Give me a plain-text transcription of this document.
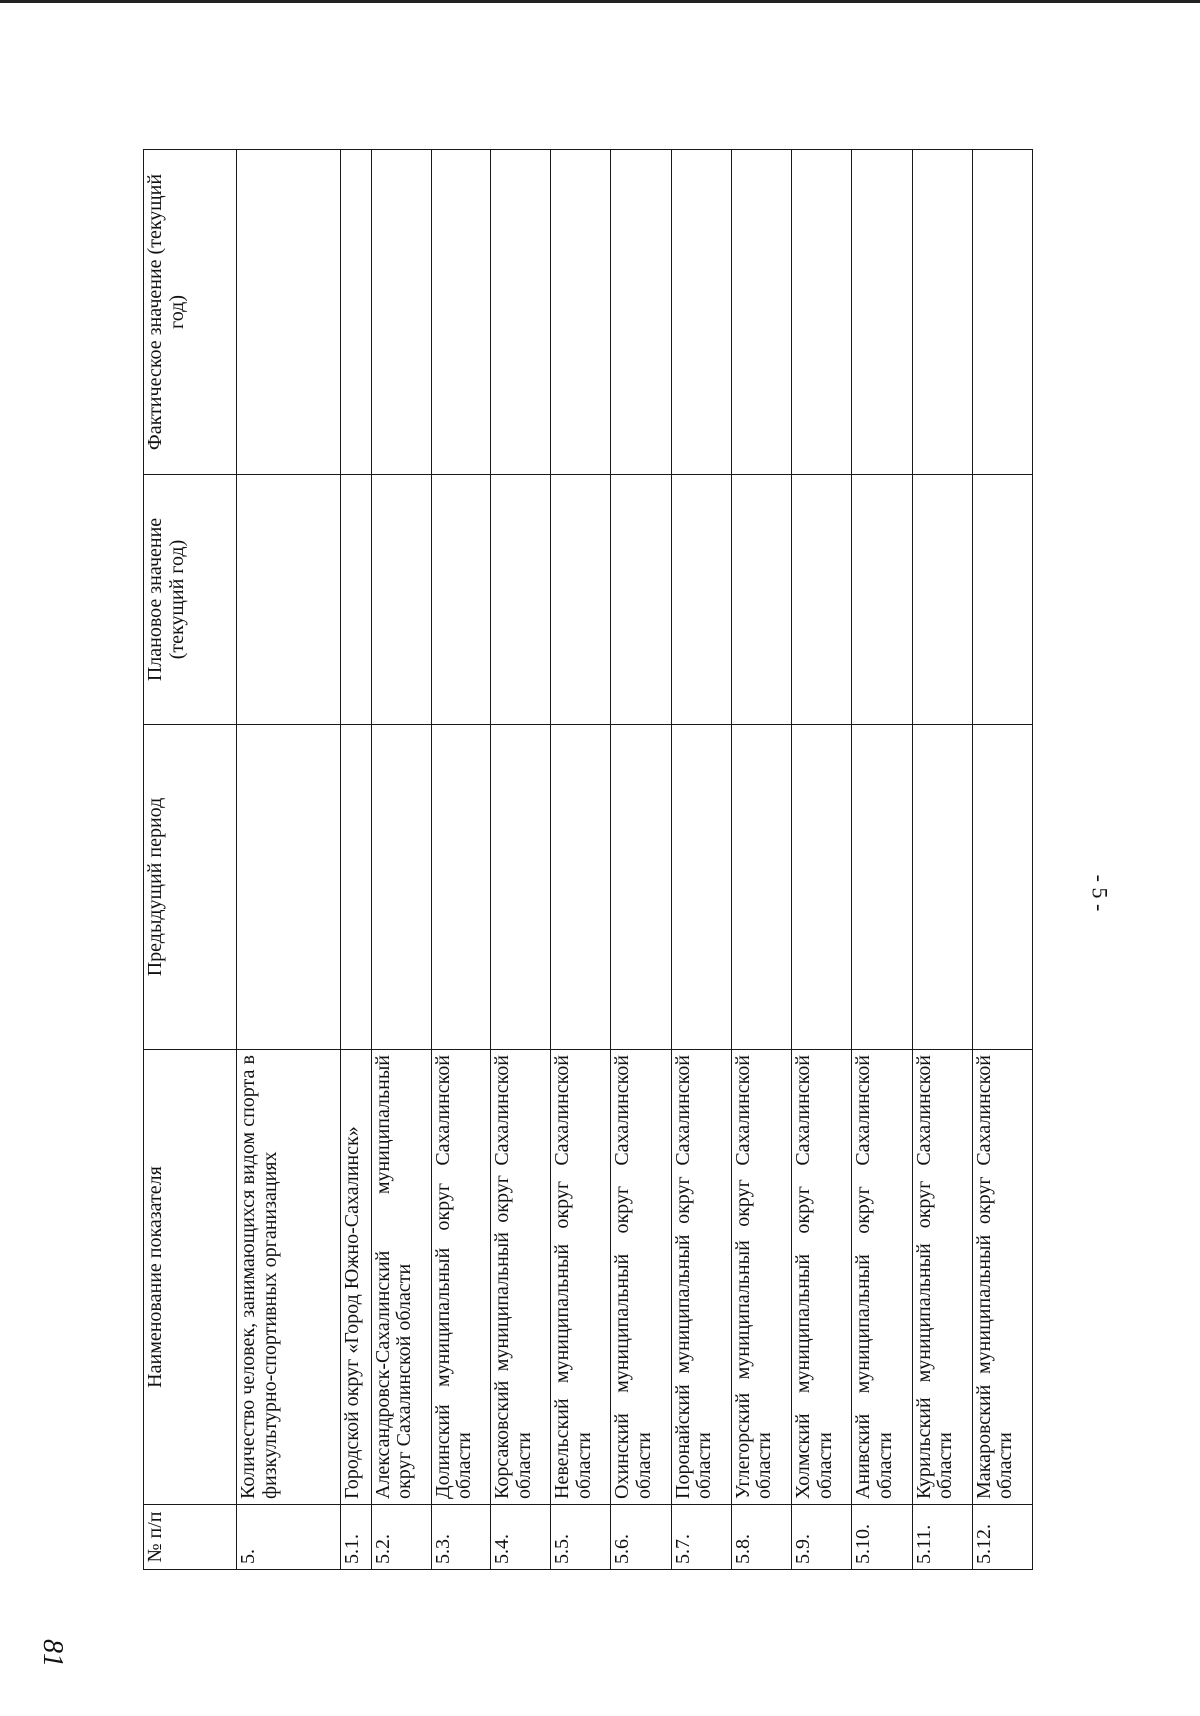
- 5 -
№ п/п	Наименование показателя	Предыдущий период	Плановое значение (текущий год)	Фактическое значение (текущий год)
5.	Количество человек, занимающихся видом спорта в физкультурно-спортивных организациях			
5.1.	Городской округ «Город Южно-Сахалинск»			
5.2.	Александровск-Сахалинский муниципальный округ Сахалинской области			
5.3.	Долинский муниципальный округ Сахалинской области			
5.4.	Корсаковский муниципальный округ Сахалинской области			
5.5.	Невельский муниципальный округ Сахалинской области			
5.6.	Охинский муниципальный округ Сахалинской области			
5.7.	Поронайский муниципальный округ Сахалинской области			
5.8.	Углегорский муниципальный округ Сахалинской области			
5.9.	Холмский муниципальный округ Сахалинской области			
5.10.	Анивский муниципальный округ Сахалинской области			
5.11.	Курильский муниципальный округ Сахалинской области			
5.12.	Макаровский муниципальный округ Сахалинской области			
81
